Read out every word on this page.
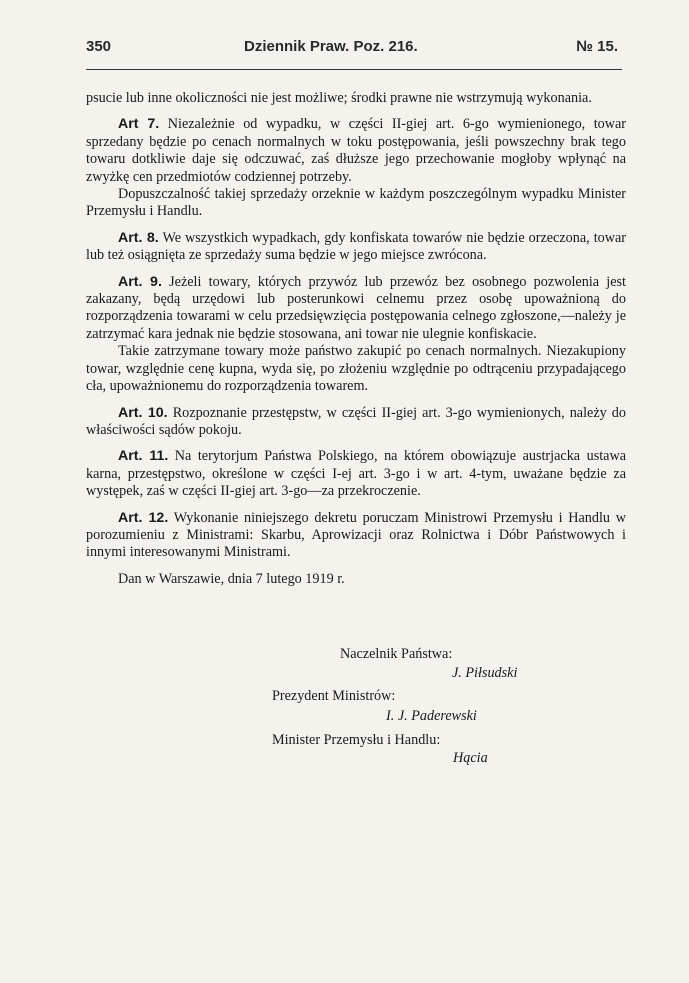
350	Dziennik Praw. Poz. 216.	№ 15.

psucie lub inne okoliczności nie jest możliwe; środki prawne nie wstrzymują wykonania.

Art 7. Niezależnie od wypadku, w części II-giej art. 6-go wymienionego, towar sprzedany będzie po cenach normalnych w toku postępowania, jeśli powszechny brak tego towaru dotkliwie daje się odczuwać, zaś dłuższe jego przechowanie mogłoby wpłynąć na zwyżkę cen przedmiotów codziennej potrzeby.

Dopuszczalność takiej sprzedaży orzeknie w każdym poszczególnym wypadku Minister Przemysłu i Handlu.

Art. 8. We wszystkich wypadkach, gdy konfiskata towarów nie będzie orzeczona, towar lub też osiągnięta ze sprzedaży suma będzie w jego miejsce zwrócona.

Art. 9. Jeżeli towary, których przywóz lub przewóz bez osobnego pozwolenia jest zakazany, będą urzędowi lub posterunkowi celnemu przez osobę upoważnioną do rozporządzenia towarami w celu przedsięwzięcia postępowania celnego zgłoszone,—należy je zatrzymać kara jednak nie będzie stosowana, ani towar nie ulegnie konfiskacie.

Takie zatrzymane towary może państwo zakupić po cenach normalnych. Niezakupiony towar, względnie cenę kupna, wyda się, po złożeniu względnie po odtrąceniu przypadającego cła, upoważnionemu do rozporządzenia towarem.

Art. 10. Rozpoznanie przestępstw, w części II-giej art. 3-go wymienionych, należy do właściwości sądów pokoju.

Art. 11. Na terytorjum Państwa Polskiego, na którem obowiązuje austrjacka ustawa karna, przestępstwo, określone w części I-ej art. 3-go i w art. 4-tym, uważane będzie za występek, zaś w części II-giej art. 3-go—za przekroczenie.

Art. 12. Wykonanie niniejszego dekretu poruczam Ministrowi Przemysłu i Handlu w porozumieniu z Ministrami: Skarbu, Aprowizacji oraz Rolnictwa i Dóbr Państwowych i innymi interesowanymi Ministrami.

Dan w Warszawie, dnia 7 lutego 1919 r.

Naczelnik Państwa:
J. Piłsudski
Prezydent Ministrów:
I. J. Paderewski
Minister Przemysłu i Handlu:
Hącia
